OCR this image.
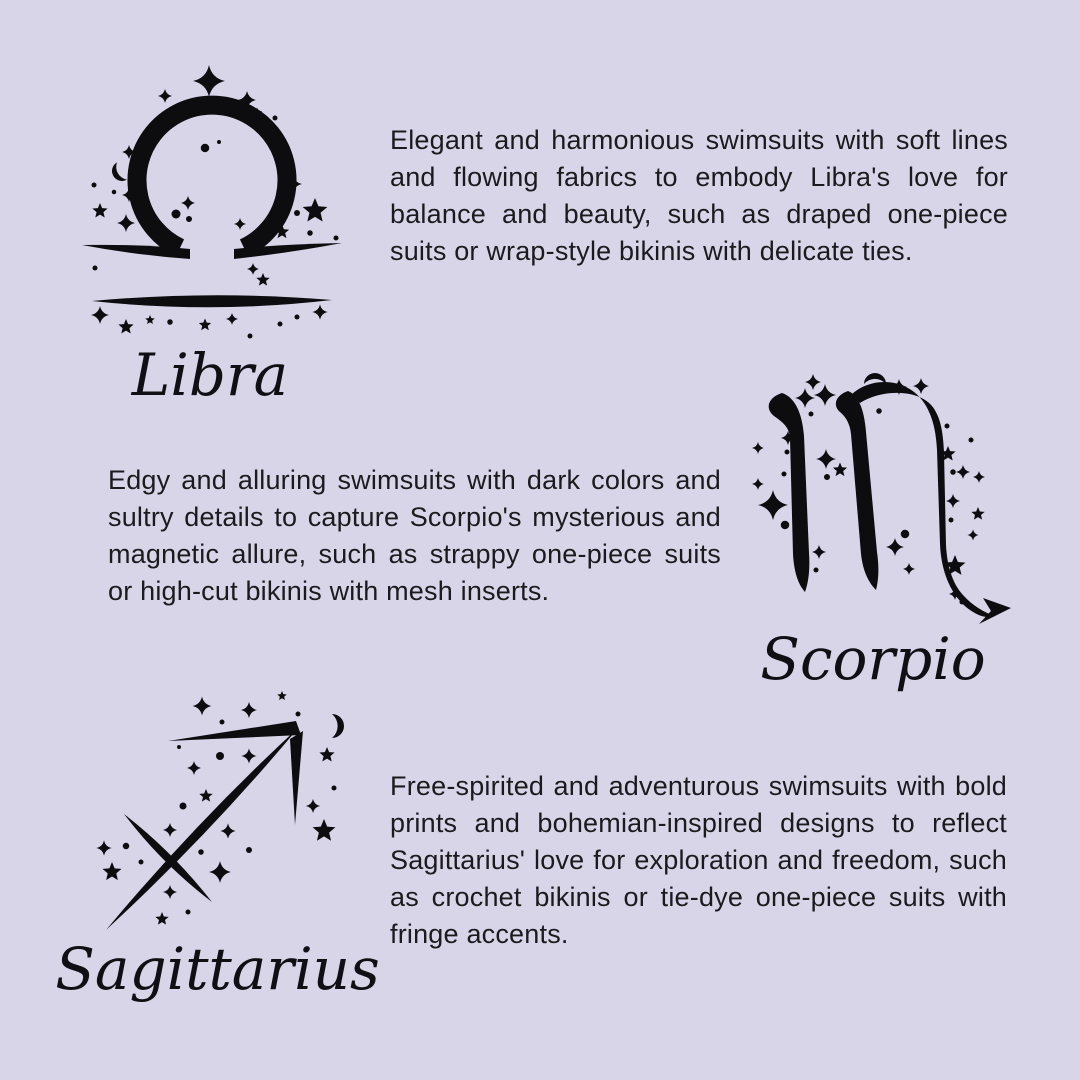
Libra
Elegant and harmonious swimsuits with soft lines and flowing fabrics to embody Libra's love for balance and beauty, such as draped one-piece suits or wrap-style bikinis with delicate ties.
Edgy and alluring swimsuits with dark colors and sultry details to capture Scorpio's mysterious and magnetic allure, such as strappy one-piece suits or high-cut bikinis with mesh inserts.
Scorpio
Sagittarius
Free-spirited and adventurous swimsuits with bold prints and bohemian-inspired designs to reflect Sagittarius' love for exploration and freedom, such as crochet bikinis or tie-dye one-piece suits with fringe accents.
